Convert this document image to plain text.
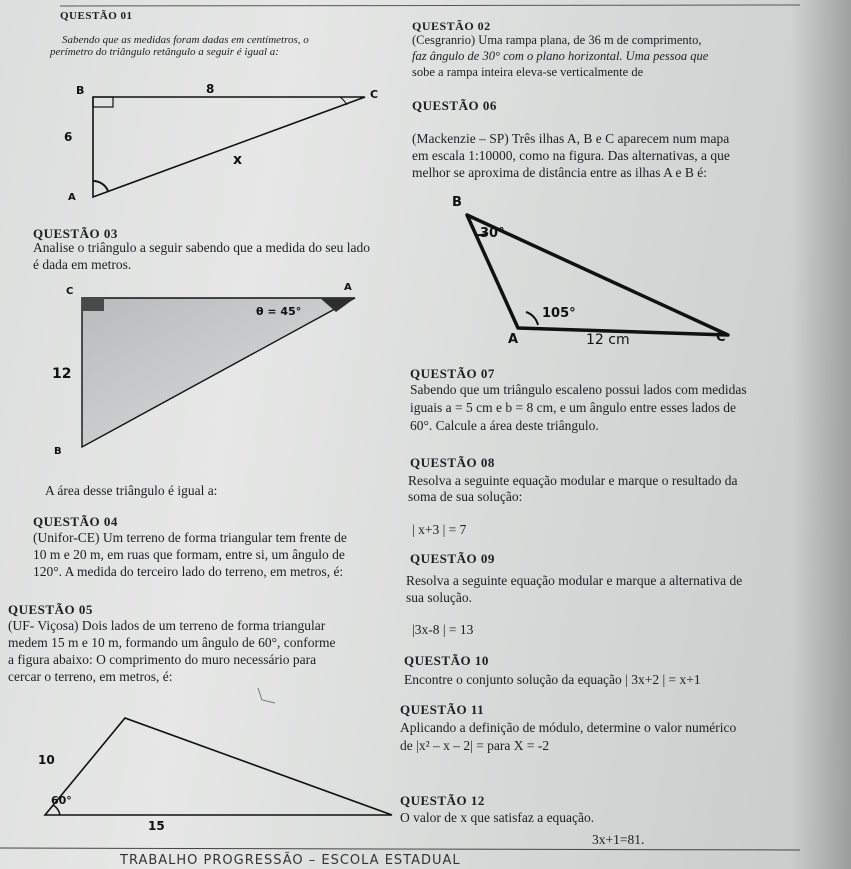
QUESTÃO 01
Sabendo que as medidas foram dadas em centímetros, o
perímetro do triângulo retângulo a seguir é igual a:
B	8	C
6
x
A
QUESTÃO 03
Analise o triângulo a seguir sabendo que a medida do seu lado
é dada em metros.
C	A
θ = 45°
12
B
A área desse triângulo é igual a:
QUESTÃO 04
(Unifor-CE) Um terreno de forma triangular tem frente de
10 m e 20 m, em ruas que formam, entre si, um ângulo de
120°. A medida do terceiro lado do terreno, em metros, é:
QUESTÃO 05
(UF- Viçosa) Dois lados de um terreno de forma triangular
medem 15 m e 10 m, formando um ângulo de 60°, conforme
a figura abaixo: O comprimento do muro necessário para
cercar o terreno, em metros, é:
10
60°
15
QUESTÃO 02
(Cesgranrio) Uma rampa plana, de 36 m de comprimento,
faz ângulo de 30° com o plano horizontal. Uma pessoa que
sobe a rampa inteira eleva-se verticalmente de
QUESTÃO 06
(Mackenzie – SP) Três ilhas A, B e C aparecem num mapa
em escala 1:10000, como na figura. Das alternativas, a que
melhor se aproxima de distância entre as ilhas A e B é:
B
30°
105°
A	12 cm	C
QUESTÃO 07
Sabendo que um triângulo escaleno possui lados com medidas
iguais a = 5 cm e b = 8 cm, e um ângulo entre esses lados de
60°. Calcule a área deste triângulo.
QUESTÃO 08
Resolva a seguinte equação modular e marque o resultado da
soma de sua solução:
| x+3 | = 7
QUESTÃO 09
Resolva a seguinte equação modular e marque a alternativa de
sua solução.
|3x-8 | = 13
QUESTÃO 10
Encontre o conjunto solução da equação | 3x+2 | = x+1
QUESTÃO 11
Aplicando a definição de módulo, determine o valor numérico
de |x² – x – 2| = para X = -2
QUESTÃO 12
O valor de x que satisfaz a equação.
3x+1=81.
TRABALHO PROGRESSÃO – ESCOLA ESTADUAL
